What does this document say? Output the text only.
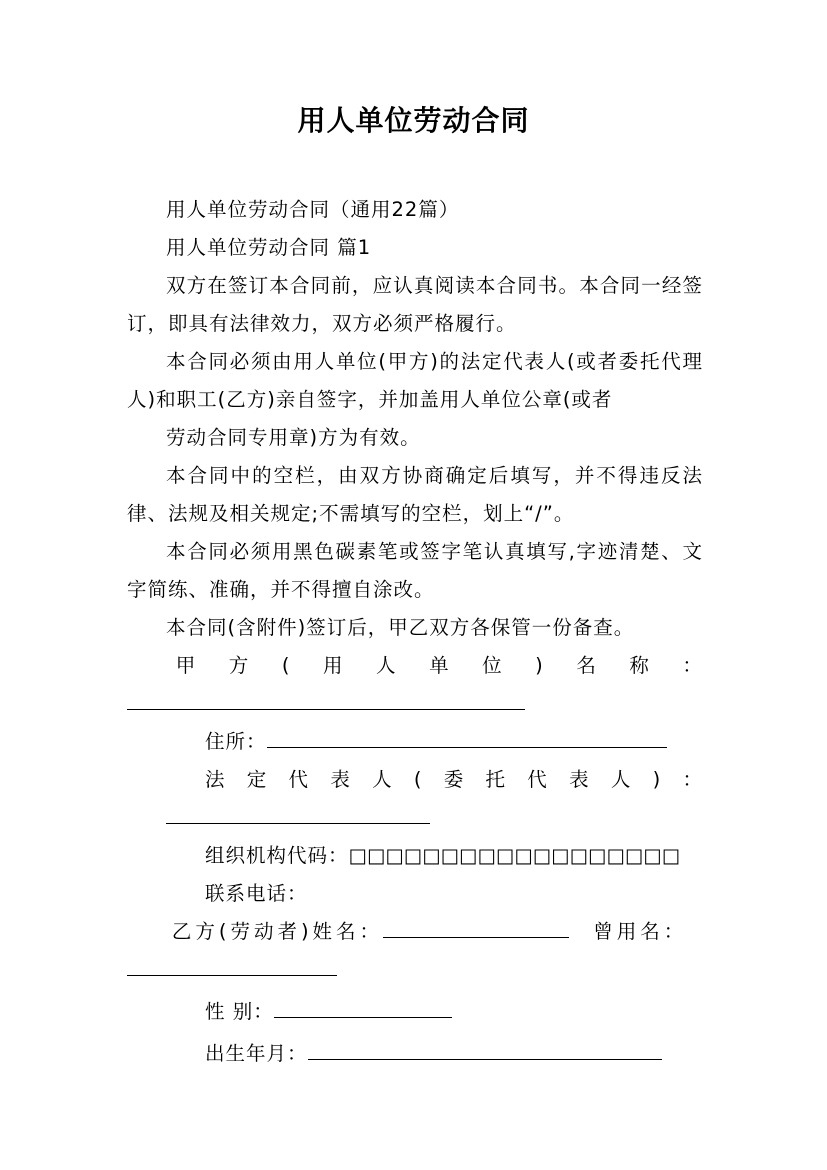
用人单位劳动合同

用人单位劳动合同（通用22篇）

用人单位劳动合同 篇1

双方在签订本合同前，应认真阅读本合同书。本合同一经签订，即具有法律效力，双方必须严格履行。

本合同必须由用人单位(甲方)的法定代表人(或者委托代理人)和职工(乙方)亲自签字，并加盖用人单位公章(或者

劳动合同专用章)方为有效。

本合同中的空栏，由双方协商确定后填写，并不得违反法律、法规及相关规定;不需填写的空栏，划上“/”。

本合同必须用黑色碳素笔或签字笔认真填写,字迹清楚、文字简练、准确，并不得擅自涂改。

本合同(含附件)签订后，甲乙双方各保管一份备查。

甲 方 ( 用 人 单 位 ) 名 称 ：
住所：
法定代表人(委托代表人)：
组织机构代码：□□□□□□□□□□□□□□□□□□
联系电话：
乙方(劳动者)姓名：	曾用名：
性 别：
出生年月：
